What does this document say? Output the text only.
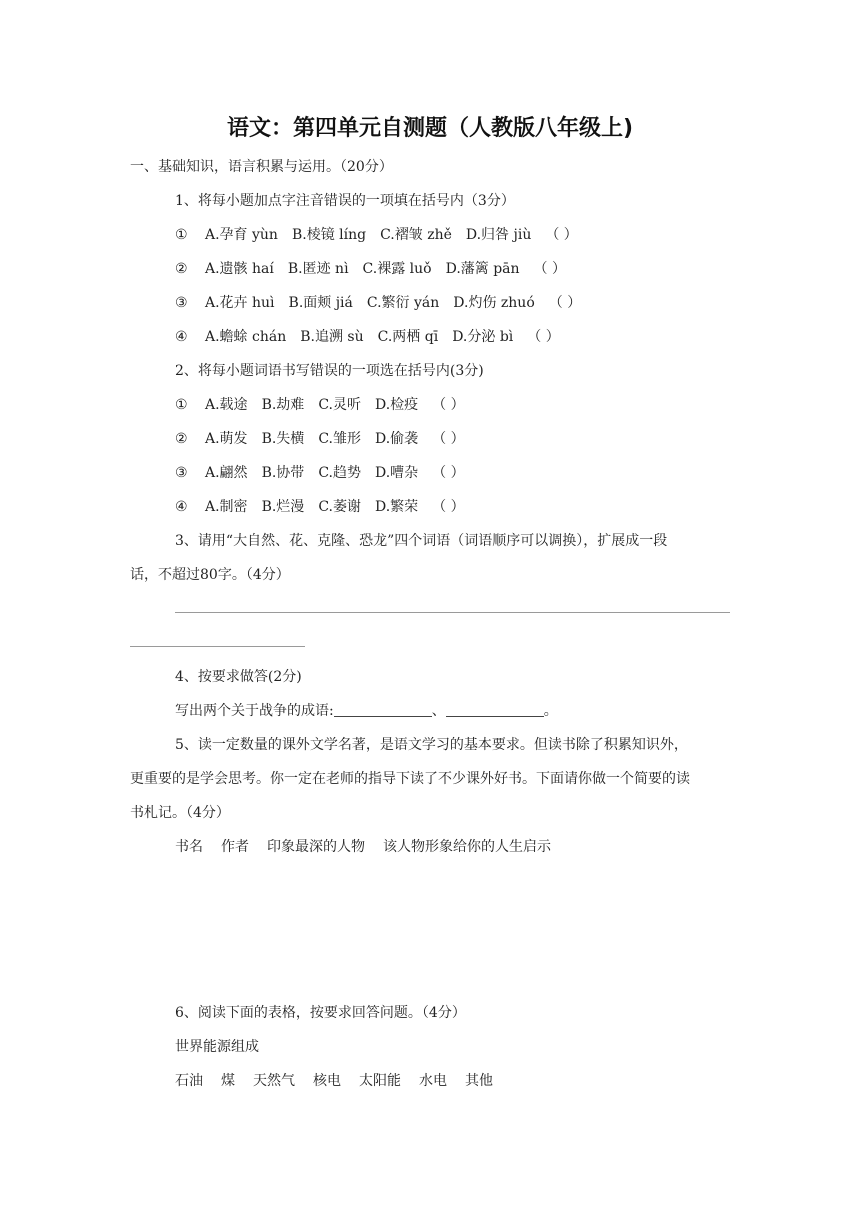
语文：第四单元自测题（人教版八年级上)
一、基础知识，语言积累与运用。（20分）
1、将每小题加点字注音错误的一项填在括号内（3分）
① A.孕育 yùn B.棱镜 líng C.褶皱 zhě D.归咎 jiù （ ）
② A.遗骸 haí B.匿迹 nì C.裸露 luǒ D.藩篱 pān （ ）
③ A.花卉 huì B.面颊 jiá C.繁衍 yán D.灼伤 zhuó （ ）
④ A.蟾蜍 chán B.追溯 sù C.两栖 qī D.分泌 bì （ ）
2、将每小题词语书写错误的一项选在括号内(3分)
① A.载途 B.劫难 C.灵听 D.检疫 （ ）
② A.萌发 B.失横 C.雏形 D.偷袭 （ ）
③ A.翩然 B.协带 C.趋势 D.嘈杂 （ ）
④ A.制密 B.烂漫 C.萎谢 D.繁荣 （ ）
3、请用“大自然、花、克隆、恐龙”四个词语（词语顺序可以调换），扩展成一段
话，不超过80字。（4分）
4、按要求做答(2分)
写出两个关于战争的成语:	、	。
5、读一定数量的课外文学名著，是语文学习的基本要求。但读书除了积累知识外，
更重要的是学会思考。你一定在老师的指导下读了不少课外好书。下面请你做一个简要的读
书札记。（4分）
书名 作者 印象最深的人物 该人物形象给你的人生启示
6、阅读下面的表格，按要求回答问题。（4分）
世界能源组成
石油 煤 天然气 核电 太阳能 水电 其他
